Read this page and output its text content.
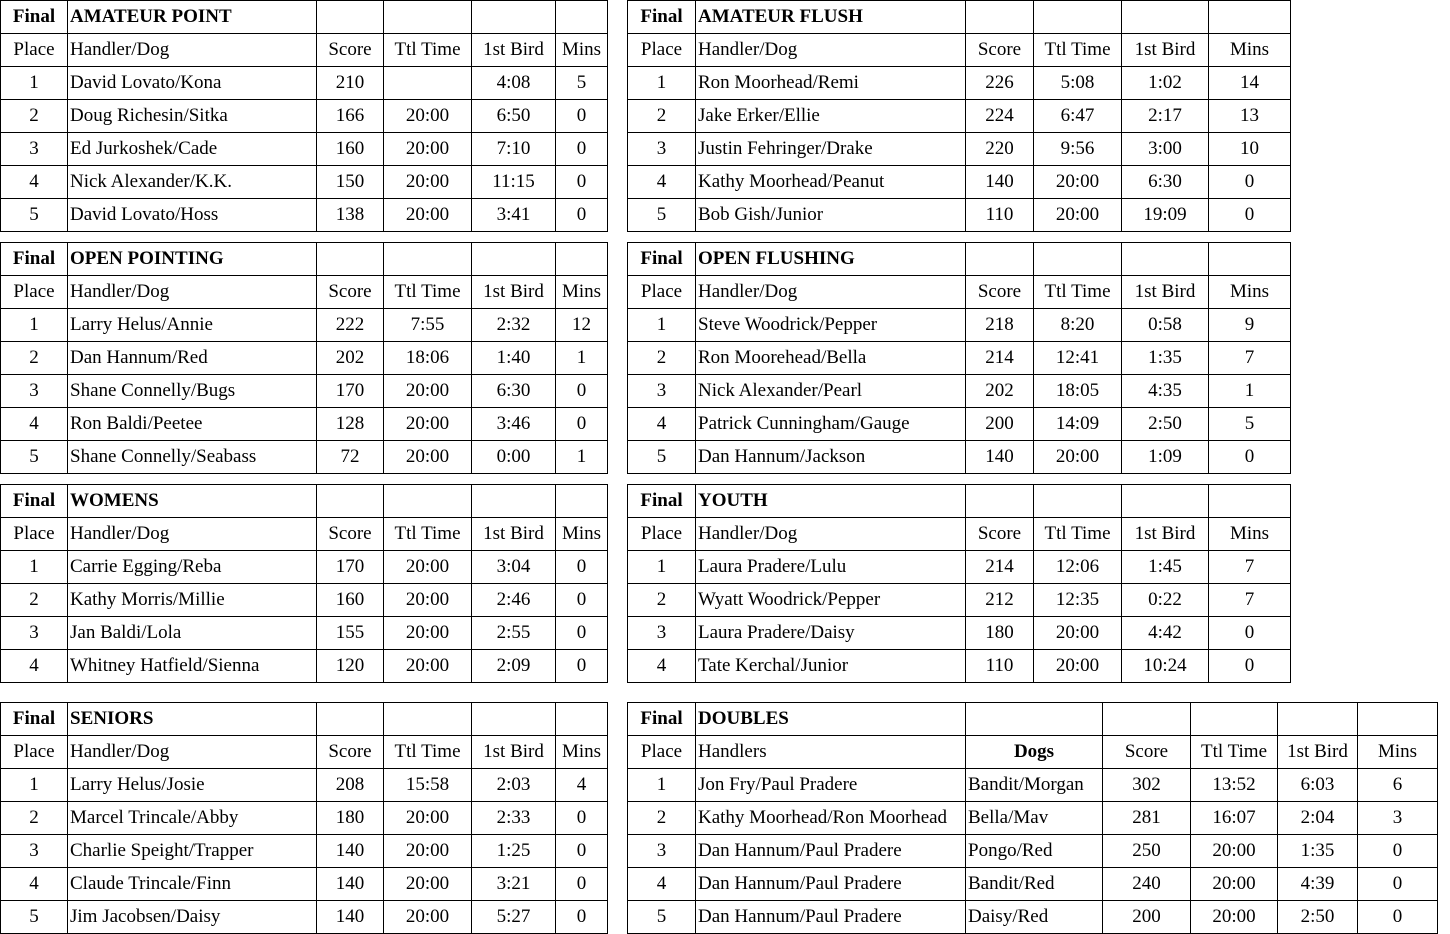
Final	AMATEUR POINT				
Place	Handler/Dog	Score	Ttl Time	1st Bird	Mins
1	David Lovato/Kona	210		4:08	5
2	Doug Richesin/Sitka	166	20:00	6:50	0
3	Ed Jurkoshek/Cade	160	20:00	7:10	0
4	Nick Alexander/K.K.	150	20:00	11:15	0
5	David Lovato/Hoss	138	20:00	3:41	0
Final	AMATEUR FLUSH				
Place	Handler/Dog	Score	Ttl Time	1st Bird	Mins
1	Ron Moorhead/Remi	226	5:08	1:02	14
2	Jake Erker/Ellie	224	6:47	2:17	13
3	Justin Fehringer/Drake	220	9:56	3:00	10
4	Kathy Moorhead/Peanut	140	20:00	6:30	0
5	Bob Gish/Junior	110	20:00	19:09	0
Final	OPEN POINTING				
Place	Handler/Dog	Score	Ttl Time	1st Bird	Mins
1	Larry Helus/Annie	222	7:55	2:32	12
2	Dan Hannum/Red	202	18:06	1:40	1
3	Shane Connelly/Bugs	170	20:00	6:30	0
4	Ron Baldi/Peetee	128	20:00	3:46	0
5	Shane Connelly/Seabass	72	20:00	0:00	1
Final	OPEN FLUSHING				
Place	Handler/Dog	Score	Ttl Time	1st Bird	Mins
1	Steve Woodrick/Pepper	218	8:20	0:58	9
2	Ron Moorehead/Bella	214	12:41	1:35	7
3	Nick Alexander/Pearl	202	18:05	4:35	1
4	Patrick Cunningham/Gauge	200	14:09	2:50	5
5	Dan Hannum/Jackson	140	20:00	1:09	0
Final	WOMENS				
Place	Handler/Dog	Score	Ttl Time	1st Bird	Mins
1	Carrie Egging/Reba	170	20:00	3:04	0
2	Kathy Morris/Millie	160	20:00	2:46	0
3	Jan Baldi/Lola	155	20:00	2:55	0
4	Whitney Hatfield/Sienna	120	20:00	2:09	0
Final	YOUTH				
Place	Handler/Dog	Score	Ttl Time	1st Bird	Mins
1	Laura Pradere/Lulu	214	12:06	1:45	7
2	Wyatt Woodrick/Pepper	212	12:35	0:22	7
3	Laura Pradere/Daisy	180	20:00	4:42	0
4	Tate Kerchal/Junior	110	20:00	10:24	0
Final	SENIORS				
Place	Handler/Dog	Score	Ttl Time	1st Bird	Mins
1	Larry Helus/Josie	208	15:58	2:03	4
2	Marcel Trincale/Abby	180	20:00	2:33	0
3	Charlie Speight/Trapper	140	20:00	1:25	0
4	Claude Trincale/Finn	140	20:00	3:21	0
5	Jim Jacobsen/Daisy	140	20:00	5:27	0
Final	DOUBLES					
Place	Handlers	Dogs	Score	Ttl Time	1st Bird	Mins
1	Jon Fry/Paul Pradere	Bandit/Morgan	302	13:52	6:03	6
2	Kathy Moorhead/Ron Moorhead	Bella/Mav	281	16:07	2:04	3
3	Dan Hannum/Paul Pradere	Pongo/Red	250	20:00	1:35	0
4	Dan Hannum/Paul Pradere	Bandit/Red	240	20:00	4:39	0
5	Dan Hannum/Paul Pradere	Daisy/Red	200	20:00	2:50	0
